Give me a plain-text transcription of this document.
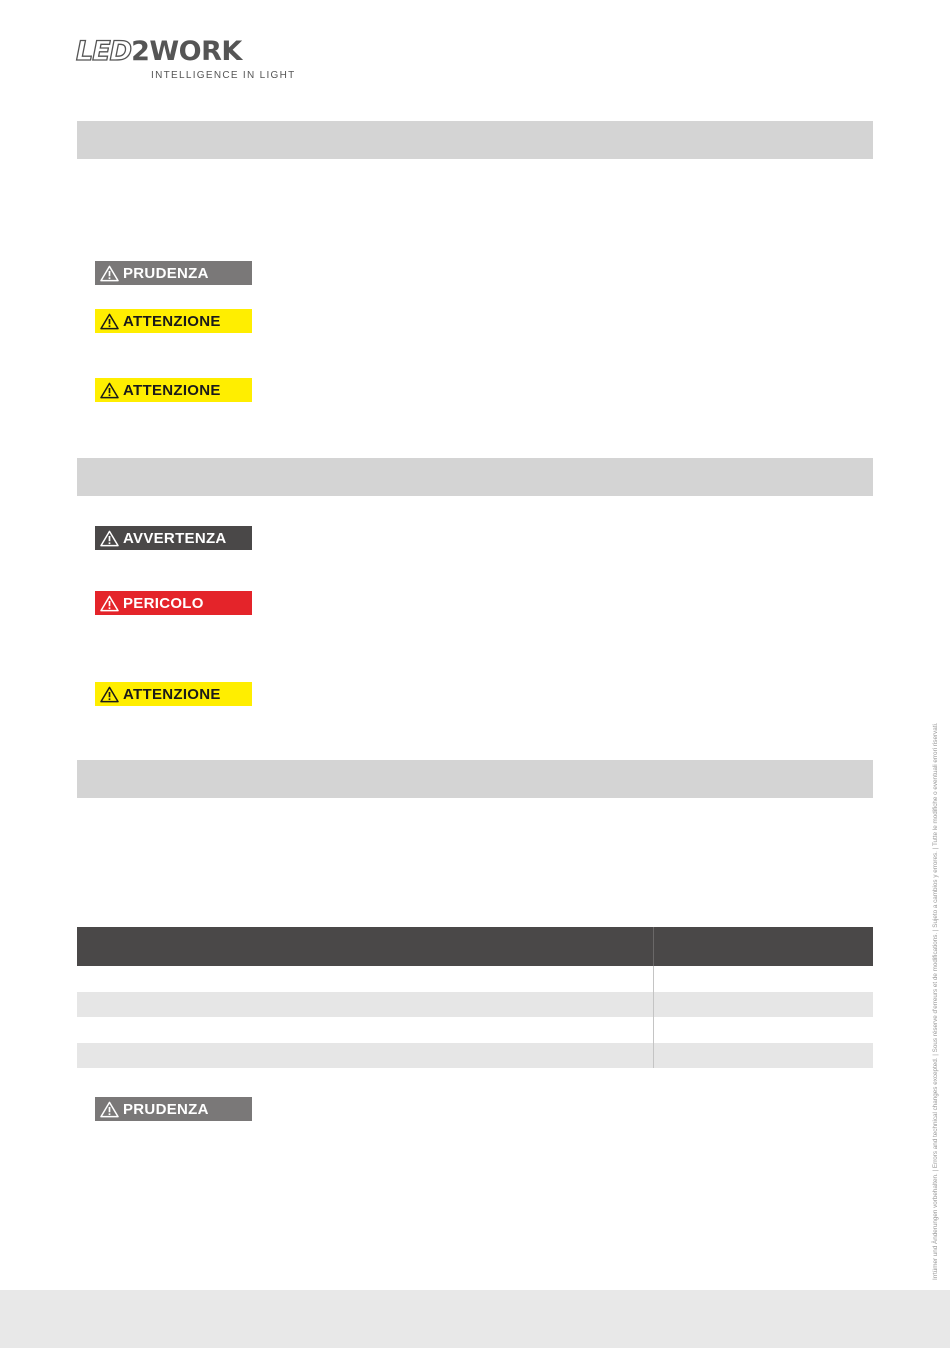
LED2WORK
INTELLIGENCE IN LIGHT
PRUDENZA
ATTENZIONE
ATTENZIONE
AVVERTENZA
PERICOLO
ATTENZIONE
PRUDENZA	Irrtümer und Änderungen vorbehalten. | Errors and technical changes excepted. | Sous réserve d'erreurs et de modifications. | Sujeto a cambios y errores. | Tutte le modifiche o eventuali errori riservati.
